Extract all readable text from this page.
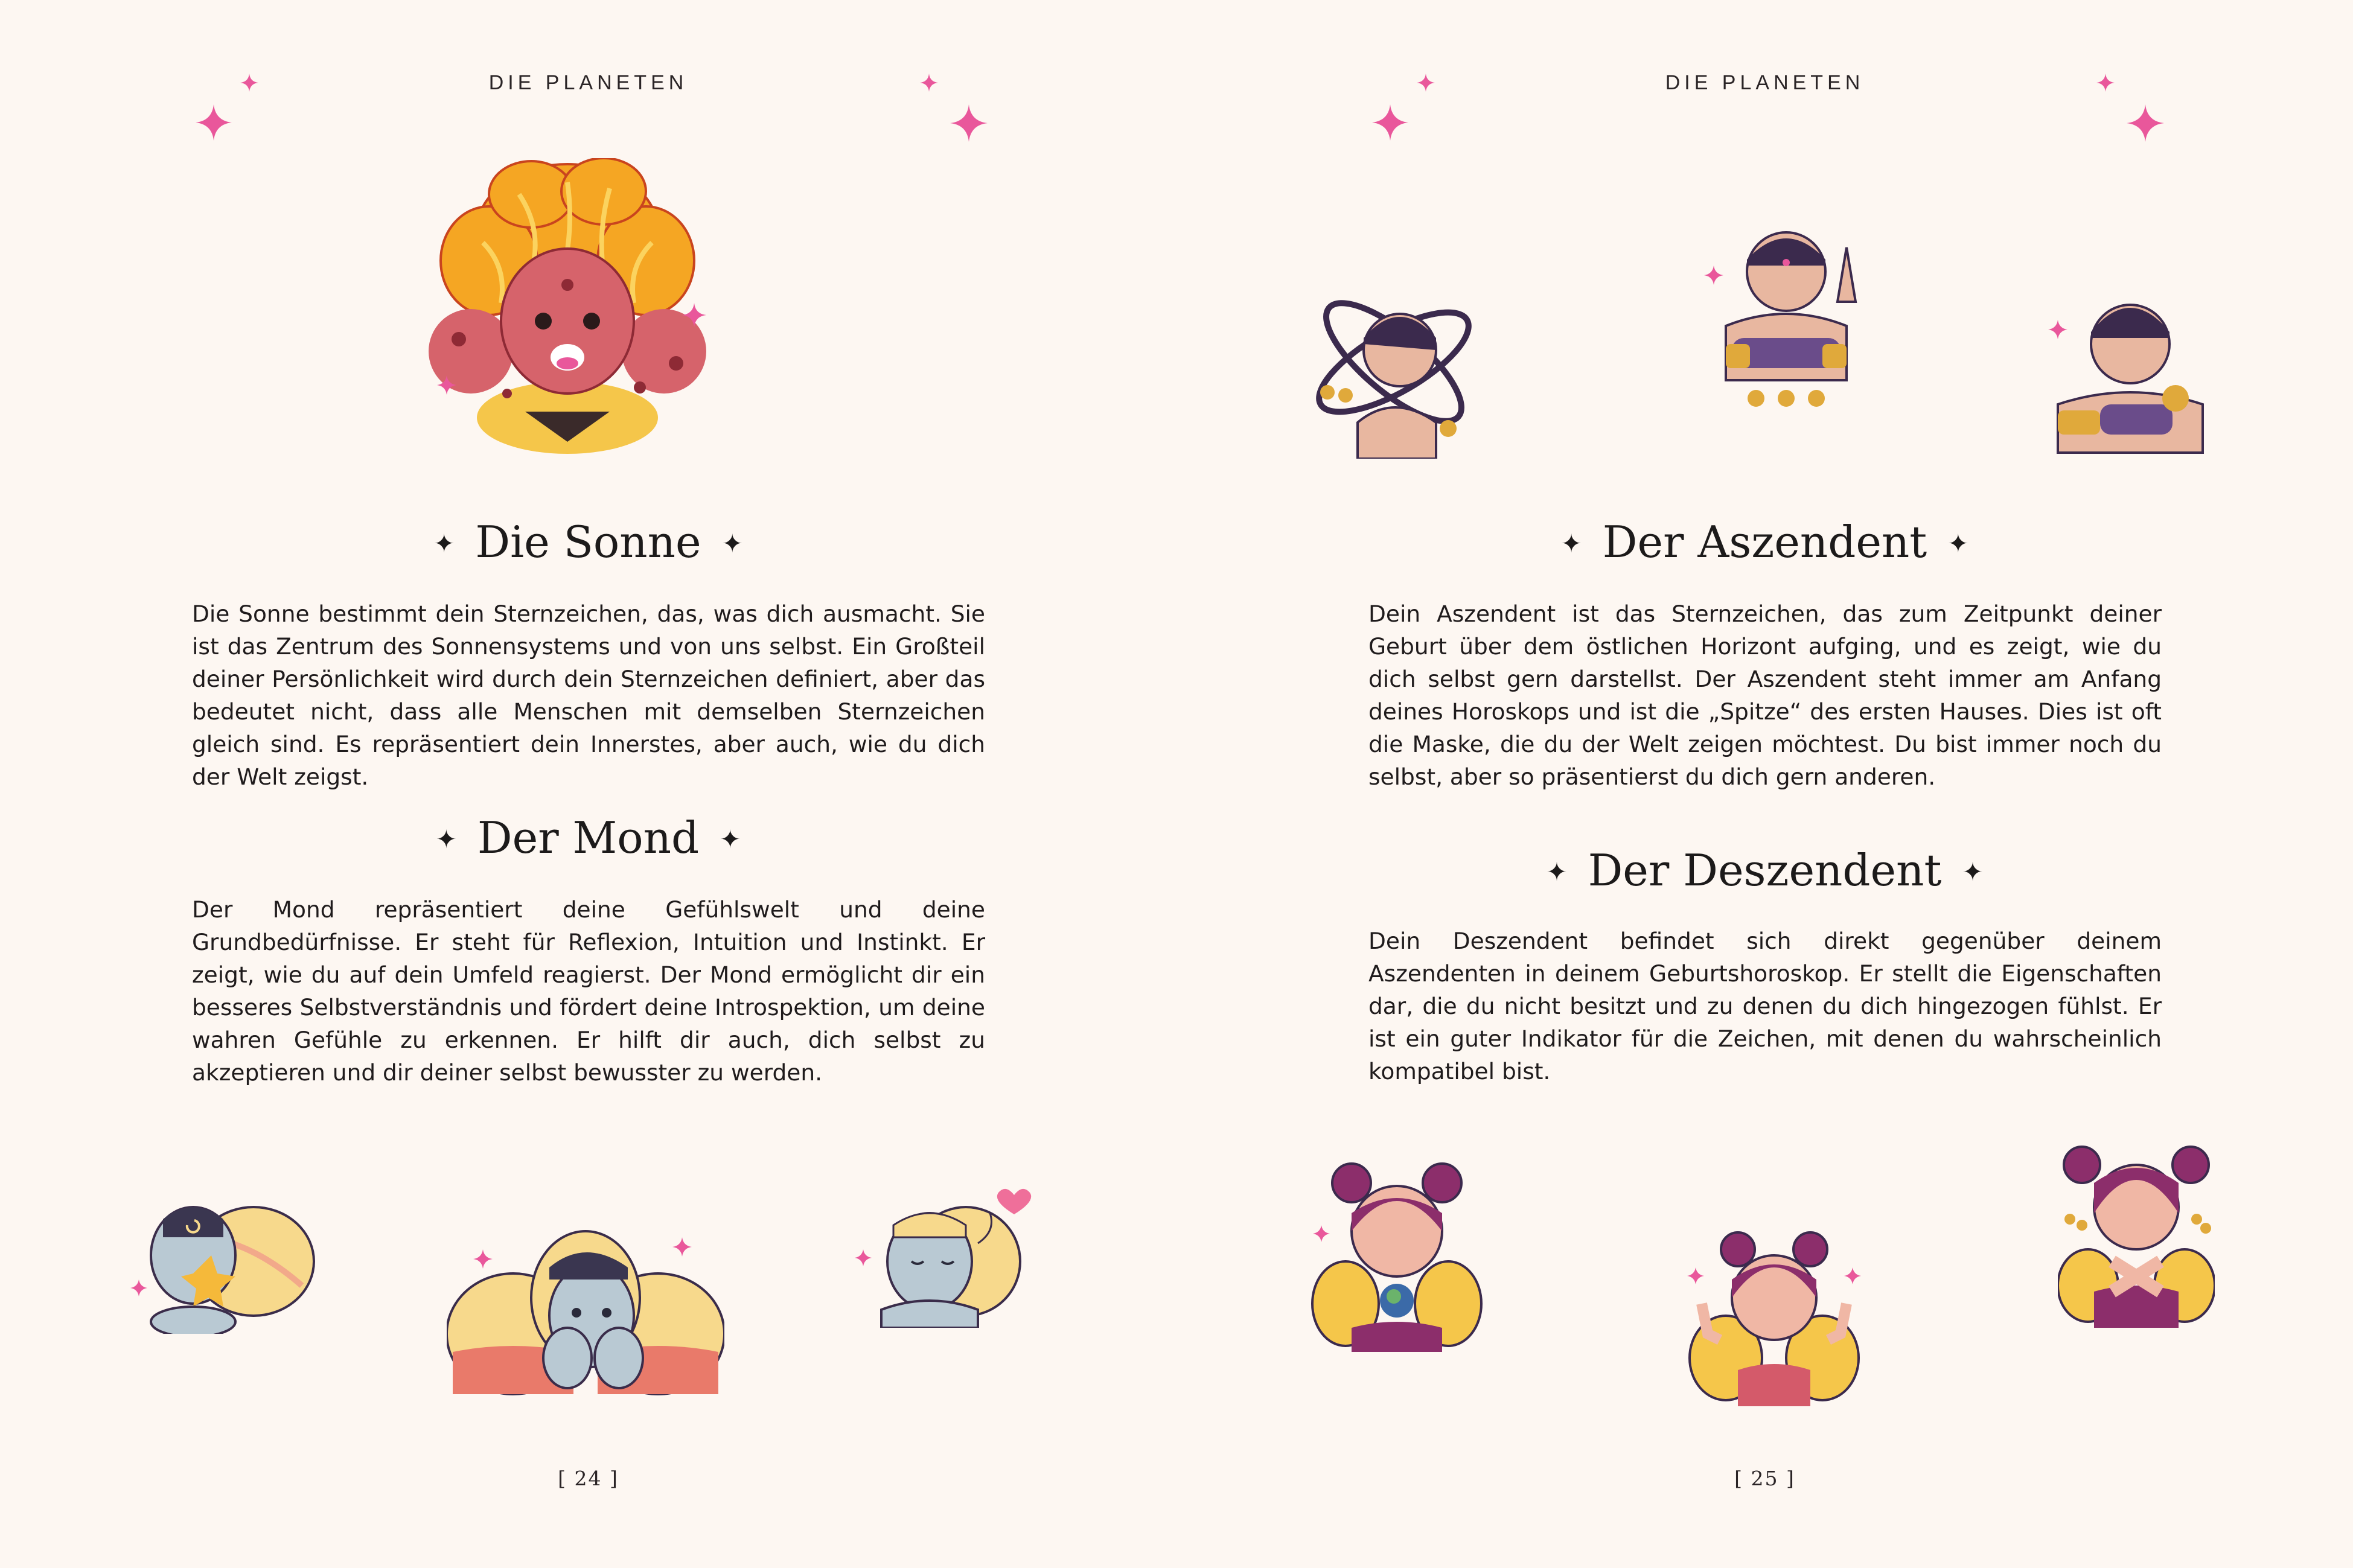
DIE PLANETEN
✦ Die Sonne ✦
Die Sonne bestimmt dein Sternzeichen, das, was dich ausmacht. Sie ist das Zentrum des Sonnensystems und von uns selbst. Ein Großteil deiner Persönlichkeit wird durch dein Sternzeichen definiert, aber das bedeutet nicht, dass alle Menschen mit demselben Sternzeichen gleich sind. Es repräsentiert dein Innerstes, aber auch, wie du dich der Welt zeigst.
✦ Der Mond ✦
Der Mond repräsentiert deine Gefühlswelt und deine Grundbedürfnisse. Er steht für Reflexion, Intuition und Instinkt. Er zeigt, wie du auf dein Umfeld reagierst. Der Mond ermöglicht dir ein besseres Selbstverständnis und fördert deine Introspektion, um deine wahren Gefühle zu erkennen. Er hilft dir auch, dich selbst zu akzeptieren und dir deiner selbst bewusster zu werden.
[ 24 ]
DIE PLANETEN
✦ Der Aszendent ✦
Dein Aszendent ist das Sternzeichen, das zum Zeitpunkt deiner Geburt über dem östlichen Horizont aufging, und es zeigt, wie du dich selbst gern darstellst. Der Aszendent steht immer am Anfang deines Horoskops und ist die „Spitze“ des ersten Hauses. Dies ist oft die Maske, die du der Welt zeigen möchtest. Du bist immer noch du selbst, aber so präsentierst du dich gern anderen.
✦ Der Deszendent ✦
Dein Deszendent befindet sich direkt gegenüber deinem Aszendenten in deinem Geburtshoroskop. Er stellt die Eigenschaften dar, die du nicht besitzt und zu denen du dich hingezogen fühlst. Er ist ein guter Indikator für die Zeichen, mit denen du wahrscheinlich kompatibel bist.
[ 25 ]
